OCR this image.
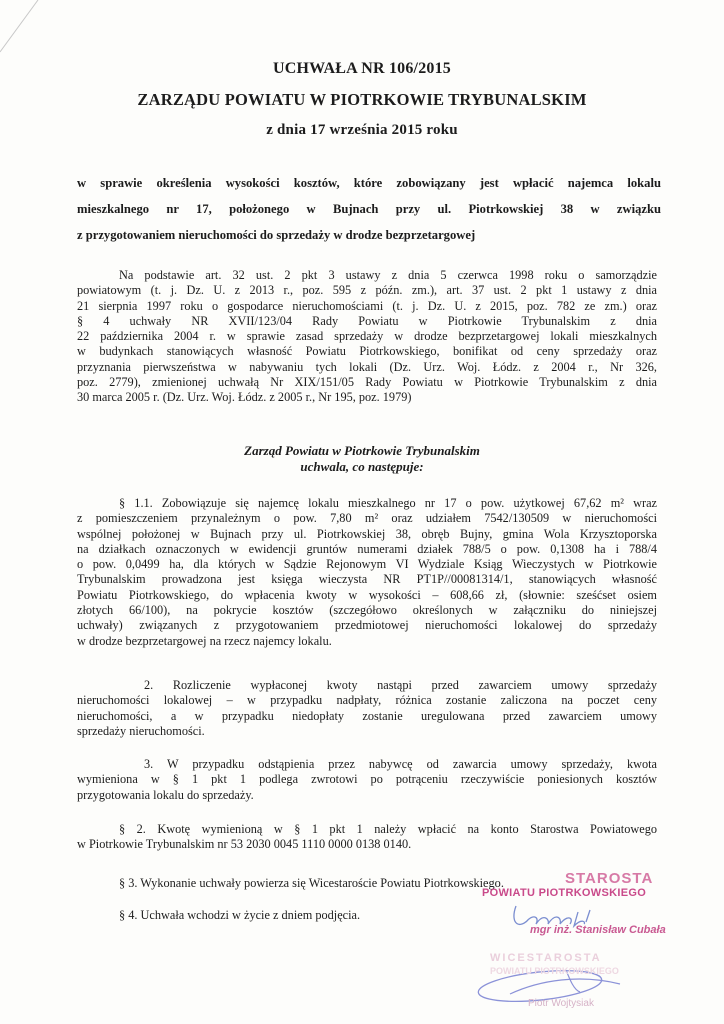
UCHWAŁA NR 106/2015
ZARZĄDU POWIATU W PIOTRKOWIE TRYBUNALSKIM
z dnia 17 września 2015 roku
w sprawie określenia wysokości kosztów, które zobowiązany jest wpłacić najemca lokalu
mieszkalnego nr 17, położonego w Bujnach przy ul. Piotrkowskiej 38 w związku
z przygotowaniem nieruchomości do sprzedaży w drodze bezprzetargowej
Na podstawie art. 32 ust. 2 pkt 3 ustawy z dnia 5 czerwca 1998 roku o samorządzie
powiatowym (t. j. Dz. U. z 2013 r., poz. 595 z późn. zm.), art. 37 ust. 2 pkt 1 ustawy z dnia
21 sierpnia 1997 roku o gospodarce nieruchomościami (t. j. Dz. U. z 2015, poz. 782 ze zm.) oraz
§ 4 uchwały NR XVII/123/04 Rady Powiatu w Piotrkowie Trybunalskim z dnia
22 października 2004 r. w sprawie zasad sprzedaży w drodze bezprzetargowej lokali mieszkalnych
w budynkach stanowiących własność Powiatu Piotrkowskiego, bonifikat od ceny sprzedaży oraz
przyznania pierwszeństwa w nabywaniu tych lokali (Dz. Urz. Woj. Łódz. z 2004 r., Nr 326,
poz. 2779), zmienionej uchwałą Nr XIX/151/05 Rady Powiatu w Piotrkowie Trybunalskim z dnia
30 marca 2005 r. (Dz. Urz. Woj. Łódz. z 2005 r., Nr 195, poz. 1979)
Zarząd Powiatu w Piotrkowie Trybunalskim
uchwala, co następuje:
§ 1.1. Zobowiązuje się najemcę lokalu mieszkalnego nr 17 o pow. użytkowej 67,62 m² wraz
z pomieszczeniem przynależnym o pow. 7,80 m² oraz udziałem 7542/130509 w nieruchomości
wspólnej położonej w Bujnach przy ul. Piotrkowskiej 38, obręb Bujny, gmina Wola Krzysztoporska
na działkach oznaczonych w ewidencji gruntów numerami działek 788/5 o pow. 0,1308 ha i 788/4
o pow. 0,0499 ha, dla których w Sądzie Rejonowym VI Wydziale Ksiąg Wieczystych w Piotrkowie
Trybunalskim prowadzona jest księga wieczysta NR PT1P//00081314/1, stanowiących własność
Powiatu Piotrkowskiego, do wpłacenia kwoty w wysokości – 608,66 zł, (słownie: sześćset osiem
złotych 66/100), na pokrycie kosztów (szczegółowo określonych w załączniku do niniejszej
uchwały) związanych z przygotowaniem przedmiotowej nieruchomości lokalowej do sprzedaży
w drodze bezprzetargowej na rzecz najemcy lokalu.
2. Rozliczenie wypłaconej kwoty nastąpi przed zawarciem umowy sprzedaży
nieruchomości lokalowej – w przypadku nadpłaty, różnica zostanie zaliczona na poczet ceny
nieruchomości, a w przypadku niedopłaty zostanie uregulowana przed zawarciem umowy
sprzedaży nieruchomości.
3. W przypadku odstąpienia przez nabywcę od zawarcia umowy sprzedaży, kwota
wymieniona w § 1 pkt 1 podlega zwrotowi po potrąceniu rzeczywiście poniesionych kosztów
przygotowania lokalu do sprzedaży.
§ 2. Kwotę wymienioną w § 1 pkt 1 należy wpłacić na konto Starostwa Powiatowego
w Piotrkowie Trybunalskim nr 53 2030 0045 1110 0000 0138 0140.
§ 3. Wykonanie uchwały powierza się Wicestaroście Powiatu Piotrkowskiego.
§ 4. Uchwała wchodzi w życie z dniem podjęcia.
STAROSTA
POWIATU PIOTRKOWSKIEGO
mgr inż. Stanisław Cubała
WICESTAROSTA
POWIATU PIOTRKOWSKIEGO
Piotr Wojtysiak
